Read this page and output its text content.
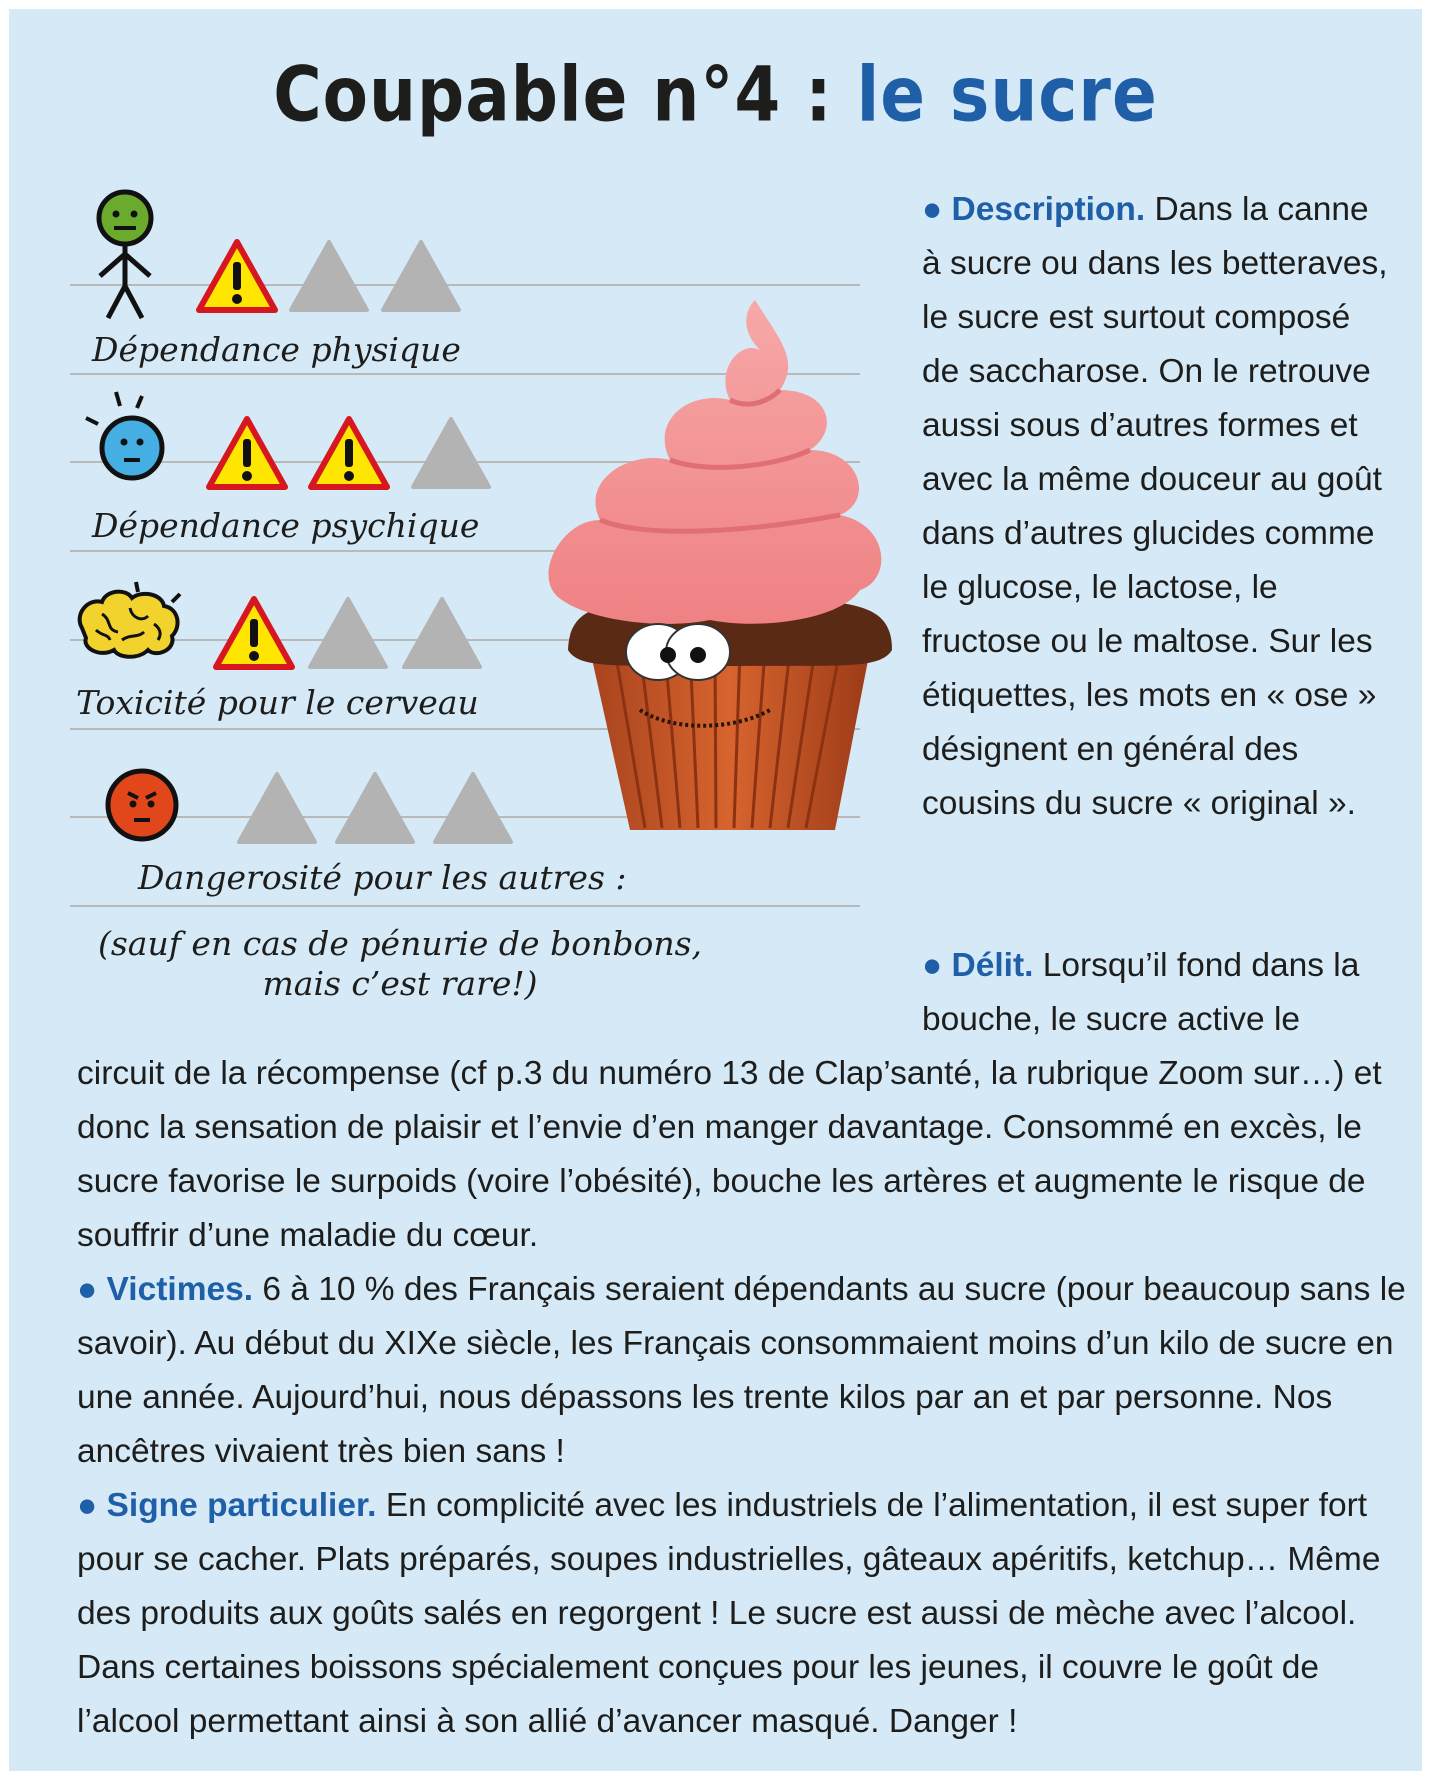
Coupable n°4 : le sucre
Dépendance physique
Dépendance psychique
Toxicité pour le cerveau
Dangerosité pour les autres :
(sauf en cas de pénurie de bonbons,
mais c’est rare!)

● Description. Dans la canne à sucre ou dans les betteraves, le sucre est surtout composé de saccharose. On le retrouve aussi sous d’autres formes et avec la même douceur au goût dans d’autres glucides comme le glucose, le lactose, le fructose ou le maltose. Sur les étiquettes, les mots en « ose » désignent en général des cousins du sucre « original ».

● Délit. Lorsqu’il fond dans la bouche, le sucre active le

circuit de la récompense (cf p.3 du numéro 13 de Clap’santé, la rubrique Zoom sur…) et donc la sensation de plaisir et l’envie d’en manger davantage. Consommé en excès, le sucre favorise le surpoids (voire l’obésité), bouche les artères et augmente le risque de souffrir d’une maladie du cœur.

● Victimes. 6 à 10 % des Français seraient dépendants au sucre (pour beaucoup sans le savoir). Au début du XIXe siècle, les Français consommaient moins d’un kilo de sucre en une année. Aujourd’hui, nous dépassons les trente kilos par an et par personne. Nos ancêtres vivaient très bien sans !

● Signe particulier. En complicité avec les industriels de l’alimentation, il est super fort pour se cacher. Plats préparés, soupes industrielles, gâteaux apéritifs, ketchup… Même des produits aux goûts salés en regorgent ! Le sucre est aussi de mèche avec l’alcool. Dans certaines boissons spécialement conçues pour les jeunes, il couvre le goût de l’alcool permettant ainsi à son allié d’avancer masqué. Danger !
